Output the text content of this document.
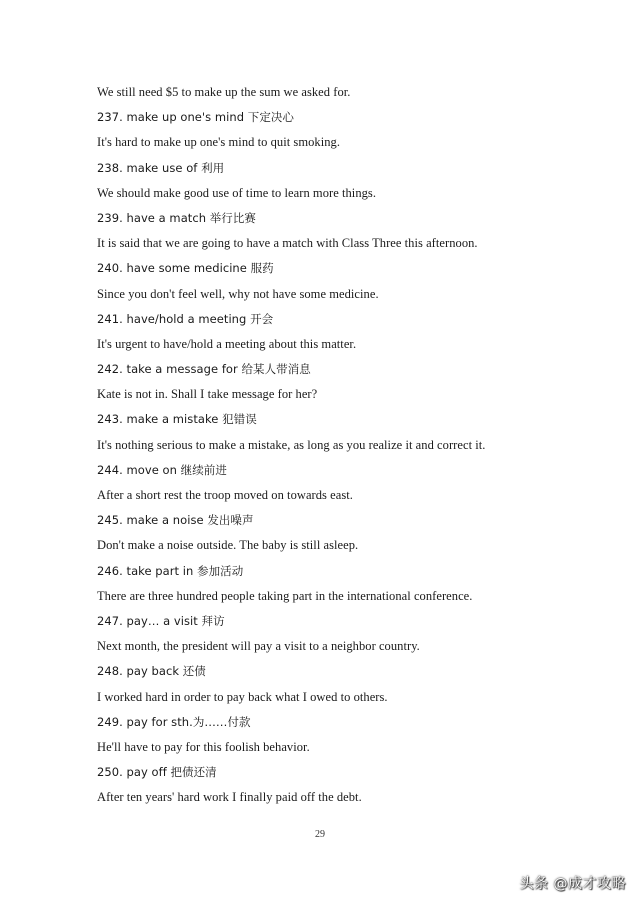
We still need $5 to make up the sum we asked for.
237. make up one's mind 下定决心
It's hard to make up one's mind to quit smoking.
238. make use of 利用
We should make good use of time to learn more things.
239. have a match 举行比赛
It is said that we are going to have a match with Class Three this afternoon.
240. have some medicine 服药
Since you don't feel well, why not have some medicine.
241. have/hold a meeting 开会
It's urgent to have/hold a meeting about this matter.
242. take a message for 给某人带消息
Kate is not in. Shall I take message for her?
243. make a mistake 犯错误
It's nothing serious to make a mistake, as long as you realize it and correct it.
244. move on 继续前进
After a short rest the troop moved on towards east.
245. make a noise 发出噪声
Don't make a noise outside. The baby is still asleep.
246. take part in 参加活动
There are three hundred people taking part in the international conference.
247. pay… a visit 拜访
Next month, the president will pay a visit to a neighbor country.
248. pay back 还债
I worked hard in order to pay back what I owed to others.
249. pay for sth.为……付款
He'll have to pay for this foolish behavior.
250. pay off 把债还清
After ten years' hard work I finally paid off the debt.
29
头条 @成才攻略
